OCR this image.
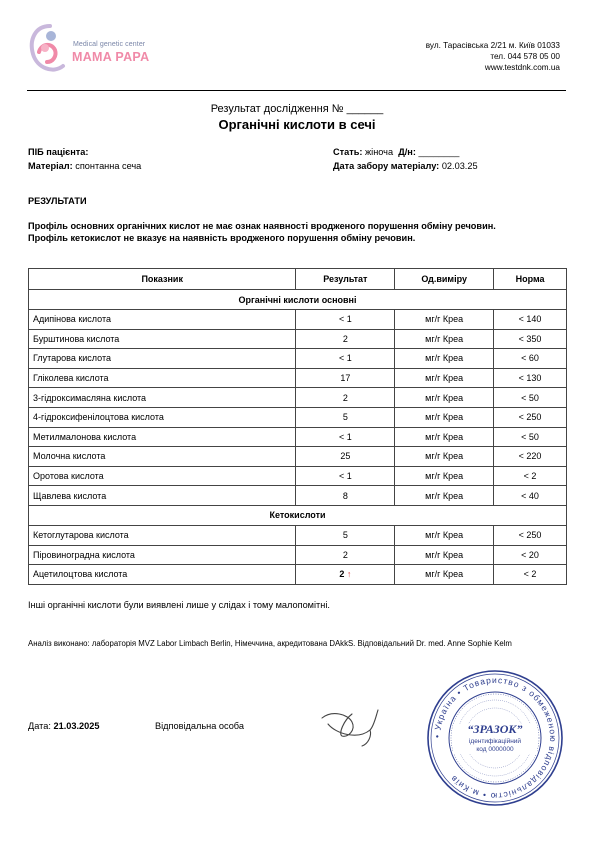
Medical genetic center
MAMA PAPA
вул. Тарасівська 2/21 м. Київ 01033
тел. 044 578 05 00
www.testdnk.com.ua
Результат дослідження № ______
Органічні кислоти в сечі
ПІБ пацієнта:	Стать: жіноча Д/н: ________
Матеріал: спонтанна сеча	Дата забору матеріалу: 02.03.25
РЕЗУЛЬТАТИ
Профіль основних органічних кислот не має ознак наявності вродженого порушення обміну речовин.
Профіль кетокислот не вказує на наявність вродженого порушення обміну речовин.
Показник	Результат	Од.виміру	Норма
Органічні кислоти основні			
Адипінова кислота	< 1	мг/г Креа	< 140
Бурштинова кислота	2	мг/г Креа	< 350
Глутарова кислота	< 1	мг/г Креа	< 60
Гліколева кислота	17	мг/г Креа	< 130
3-гідроксимасляна кислота	2	мг/г Креа	< 50
4-гідроксифенілоцтова кислота	5	мг/г Креа	< 250
Метилмалонова кислота	< 1	мг/г Креа	< 50
Молочна кислота	25	мг/г Креа	< 220
Оротова кислота	< 1	мг/г Креа	< 2
Щавлева кислота	8	мг/г Креа	< 40
Кетокислоти			
Кетоглутарова кислота	5	мг/г Креа	< 250
Піровиноградна кислота	2	мг/г Креа	< 20
Ацетилоцтова кислота	2 ↑	мг/г Креа	< 2
Інші органічні кислоти були виявлені лише у слідах і тому малопомітні.
Аналіз виконано: лабораторія MVZ Labor Limbach Berlin, Німеччина, акредитована DAkkS. Відповідальний Dr. med. Anne Sophie Kelm
Дата: 21.03.2025	Відповідальна особа
• Україна • Товариство з обмеженою відповідальністю • м.Київ
“ЗРАЗОК”
ідентифікаційний
код 0000000
